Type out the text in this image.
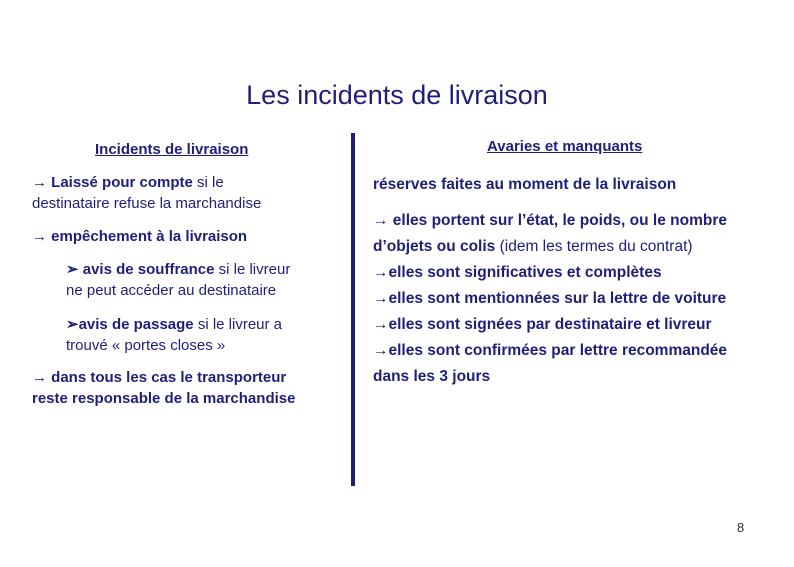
Les incidents de livraison
Incidents de livraison	Avaries et manquants
→ Laissé pour compte si le
destinataire refuse la marchandise
→ empêchement à la livraison
➢ avis de souffrance si le livreur
ne peut accéder au destinataire
➢avis de passage si le livreur a
trouvé « portes closes »
→ dans tous les cas le transporteur
reste responsable de la marchandise
réserves faites au moment de la livraison
→ elles portent sur l’état, le poids, ou le nombre
d’objets ou colis (idem les termes du contrat)
→elles sont significatives et complètes
→elles sont mentionnées sur la lettre de voiture
→elles sont signées par destinataire et livreur
→elles sont confirmées par lettre recommandée
dans les 3 jours
8
